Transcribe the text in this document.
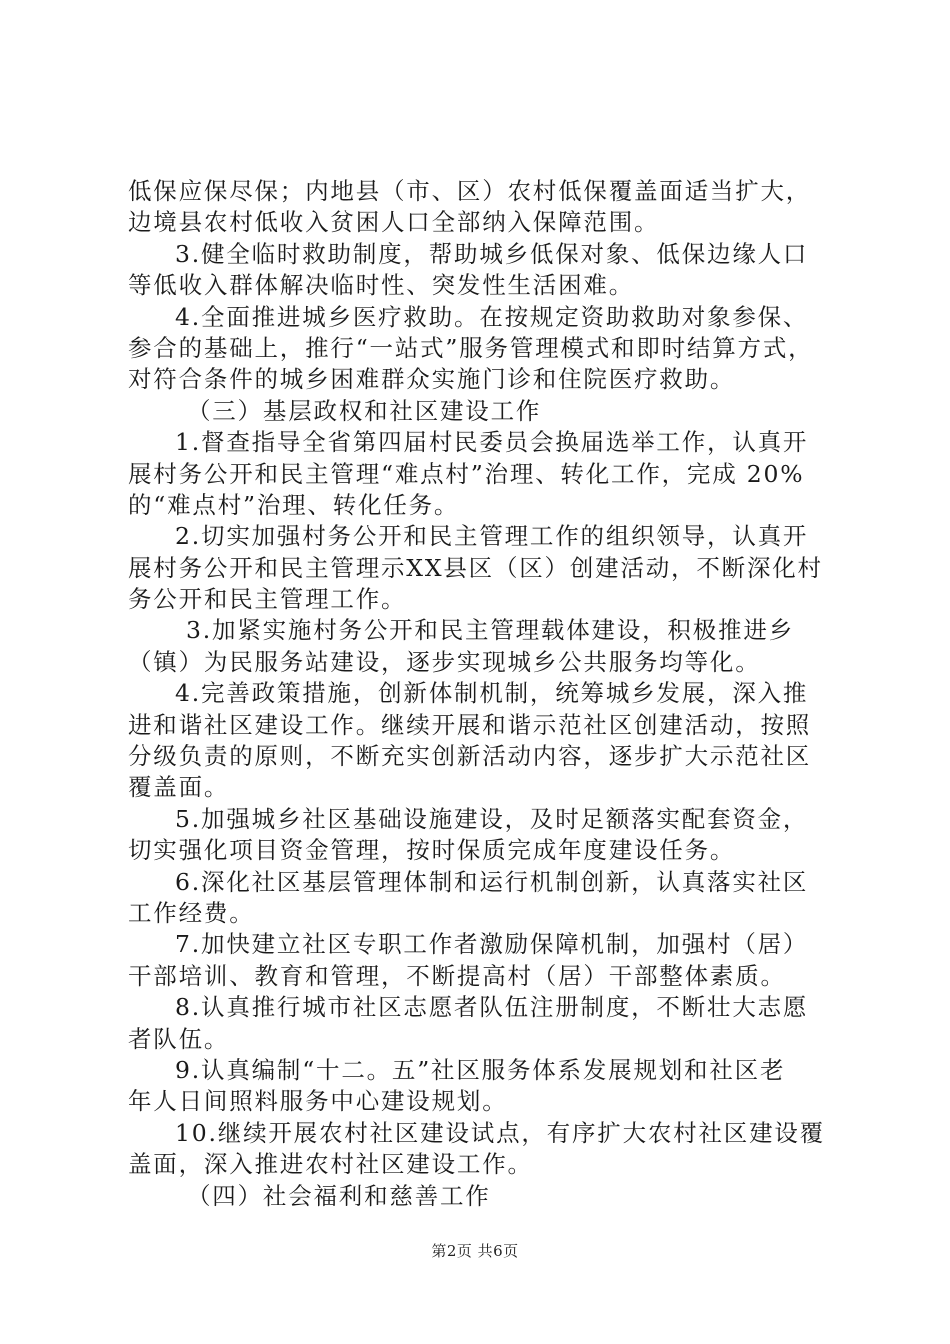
低保应保尽保；内地县（市、区）农村低保覆盖面适当扩大，
边境县农村低收入贫困人口全部纳入保障范围。
3.健全临时救助制度，帮助城乡低保对象、低保边缘人口
等低收入群体解决临时性、突发性生活困难。
4.全面推进城乡医疗救助。在按规定资助救助对象参保、
参合的基础上，推行“一站式”服务管理模式和即时结算方式，
对符合条件的城乡困难群众实施门诊和住院医疗救助。
（三）基层政权和社区建设工作
1.督查指导全省第四届村民委员会换届选举工作，认真开
展村务公开和民主管理“难点村”治理、转化工作，完成 20%
的“难点村”治理、转化任务。
2.切实加强村务公开和民主管理工作的组织领导，认真开
展村务公开和民主管理示XX县区（区）创建活动，不断深化村
务公开和民主管理工作。
3.加紧实施村务公开和民主管理载体建设，积极推进乡
（镇）为民服务站建设，逐步实现城乡公共服务均等化。
4.完善政策措施，创新体制机制，统筹城乡发展，深入推
进和谐社区建设工作。继续开展和谐示范社区创建活动，按照
分级负责的原则，不断充实创新活动内容，逐步扩大示范社区
覆盖面。
5.加强城乡社区基础设施建设，及时足额落实配套资金，
切实强化项目资金管理，按时保质完成年度建设任务。
6.深化社区基层管理体制和运行机制创新，认真落实社区
工作经费。
7.加快建立社区专职工作者激励保障机制，加强村（居）
干部培训、教育和管理，不断提高村（居）干部整体素质。
8.认真推行城市社区志愿者队伍注册制度，不断壮大志愿
者队伍。
9.认真编制“十二。五”社区服务体系发展规划和社区老
年人日间照料服务中心建设规划。
10.继续开展农村社区建设试点，有序扩大农村社区建设覆
盖面，深入推进农村社区建设工作。
（四）社会福利和慈善工作
第2页 共6页
